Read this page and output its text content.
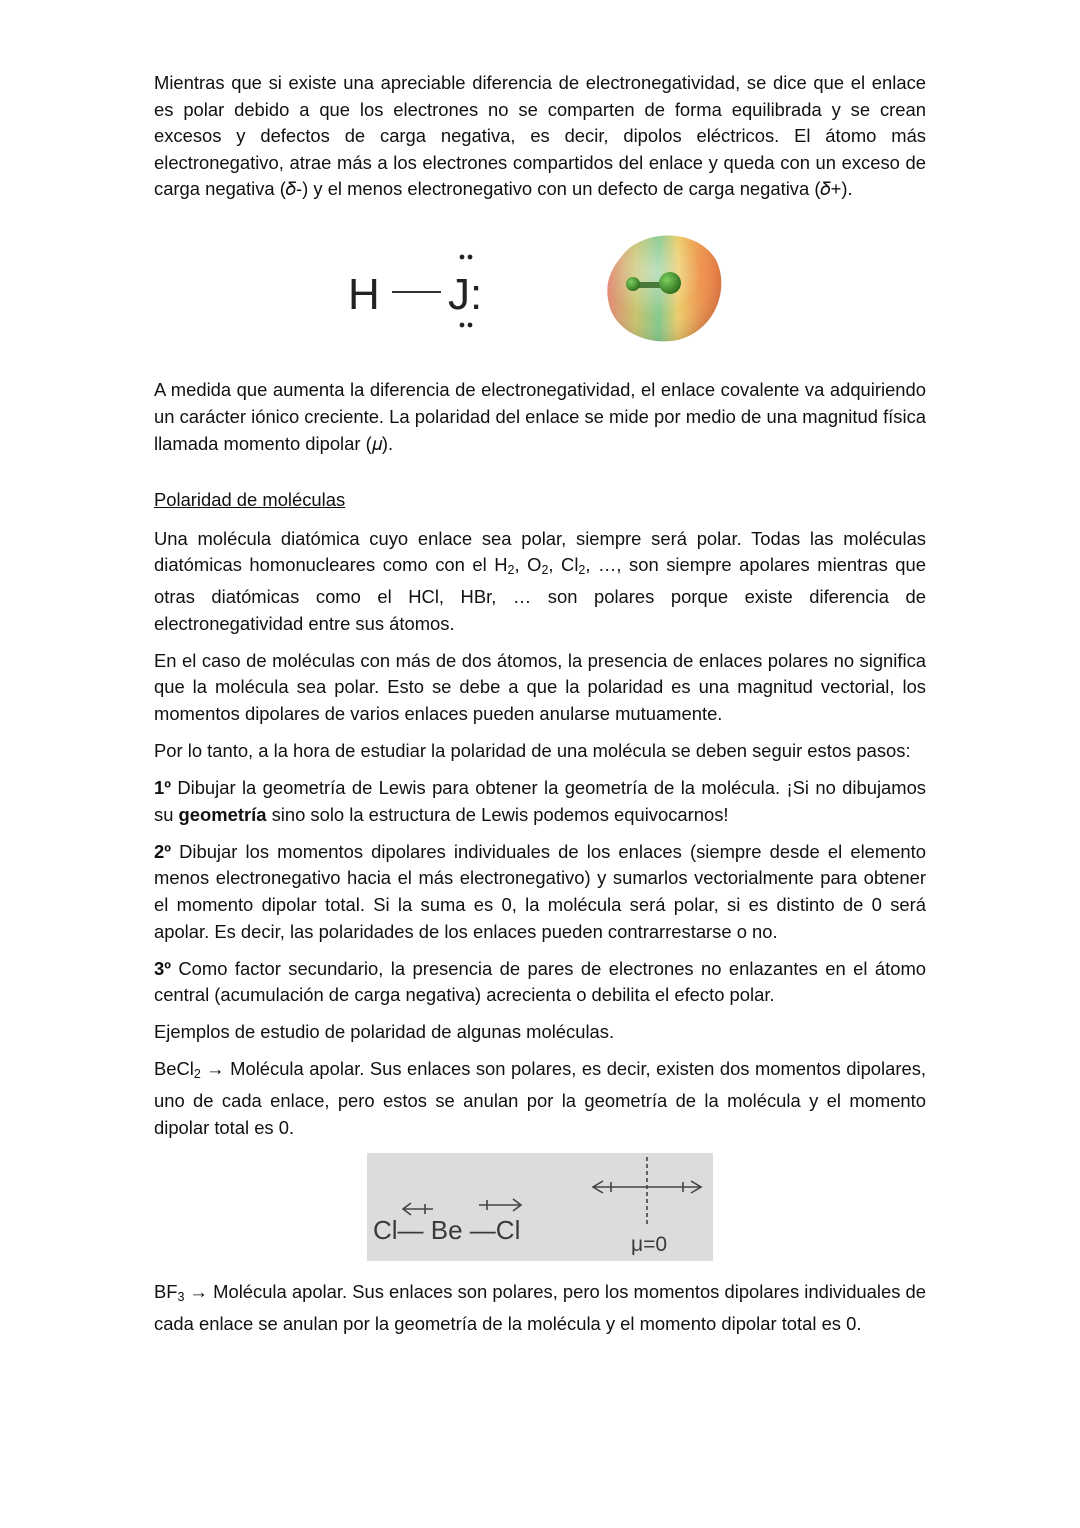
Mientras que si existe una apreciable diferencia de electronegatividad, se dice que el enlace es polar debido a que los electrones no se comparten de forma equilibrada y se crean excesos y defectos de carga negativa, es decir, dipolos eléctricos. El átomo más electronegativo, atrae más a los electrones compartidos del enlace y queda con un exceso de carga negativa (𝛿-) y el menos electronegativo con un defecto de carga negativa (𝛿+).

H J:

A medida que aumenta la diferencia de electronegatividad, el enlace covalente va adquiriendo un carácter iónico creciente. La polaridad del enlace se mide por medio de una magnitud física llamada momento dipolar (𝜇).

Polaridad de moléculas

Una molécula diatómica cuyo enlace sea polar, siempre será polar. Todas las moléculas diatómicas homonucleares como con el $H_2$, $O_2$, $Cl_2$, …, son siempre apolares mientras que otras diatómicas como el HCl, HBr, … son polares porque existe diferencia de electronegatividad entre sus átomos.

En el caso de moléculas con más de dos átomos, la presencia de enlaces polares no significa que la molécula sea polar. Esto se debe a que la polaridad es una magnitud vectorial, los momentos dipolares de varios enlaces pueden anularse mutuamente.

Por lo tanto, a la hora de estudiar la polaridad de una molécula se deben seguir estos pasos:

1º Dibujar la geometría de Lewis para obtener la geometría de la molécula. ¡Si no dibujamos su geometría sino solo la estructura de Lewis podemos equivocarnos!

2º Dibujar los momentos dipolares individuales de los enlaces (siempre desde el elemento menos electronegativo hacia el más electronegativo) y sumarlos vectorialmente para obtener el momento dipolar total. Si la suma es 0, la molécula será polar, si es distinto de 0 será apolar. Es decir, las polaridades de los enlaces pueden contrarrestarse o no.

3º Como factor secundario, la presencia de pares de electrones no enlazantes en el átomo central (acumulación de carga negativa) acrecienta o debilita el efecto polar.

Ejemplos de estudio de polaridad de algunas moléculas.

BeCl$_2$ → Molécula apolar. Sus enlaces son polares, es decir, existen dos momentos dipolares, uno de cada enlace, pero estos se anulan por la geometría de la molécula y el momento dipolar total es 0.

Cl— Be —Cl	μ=0

$BF_3$ → Molécula apolar. Sus enlaces son polares, pero los momentos dipolares individuales de cada enlace se anulan por la geometría de la molécula y el momento dipolar total es 0.
